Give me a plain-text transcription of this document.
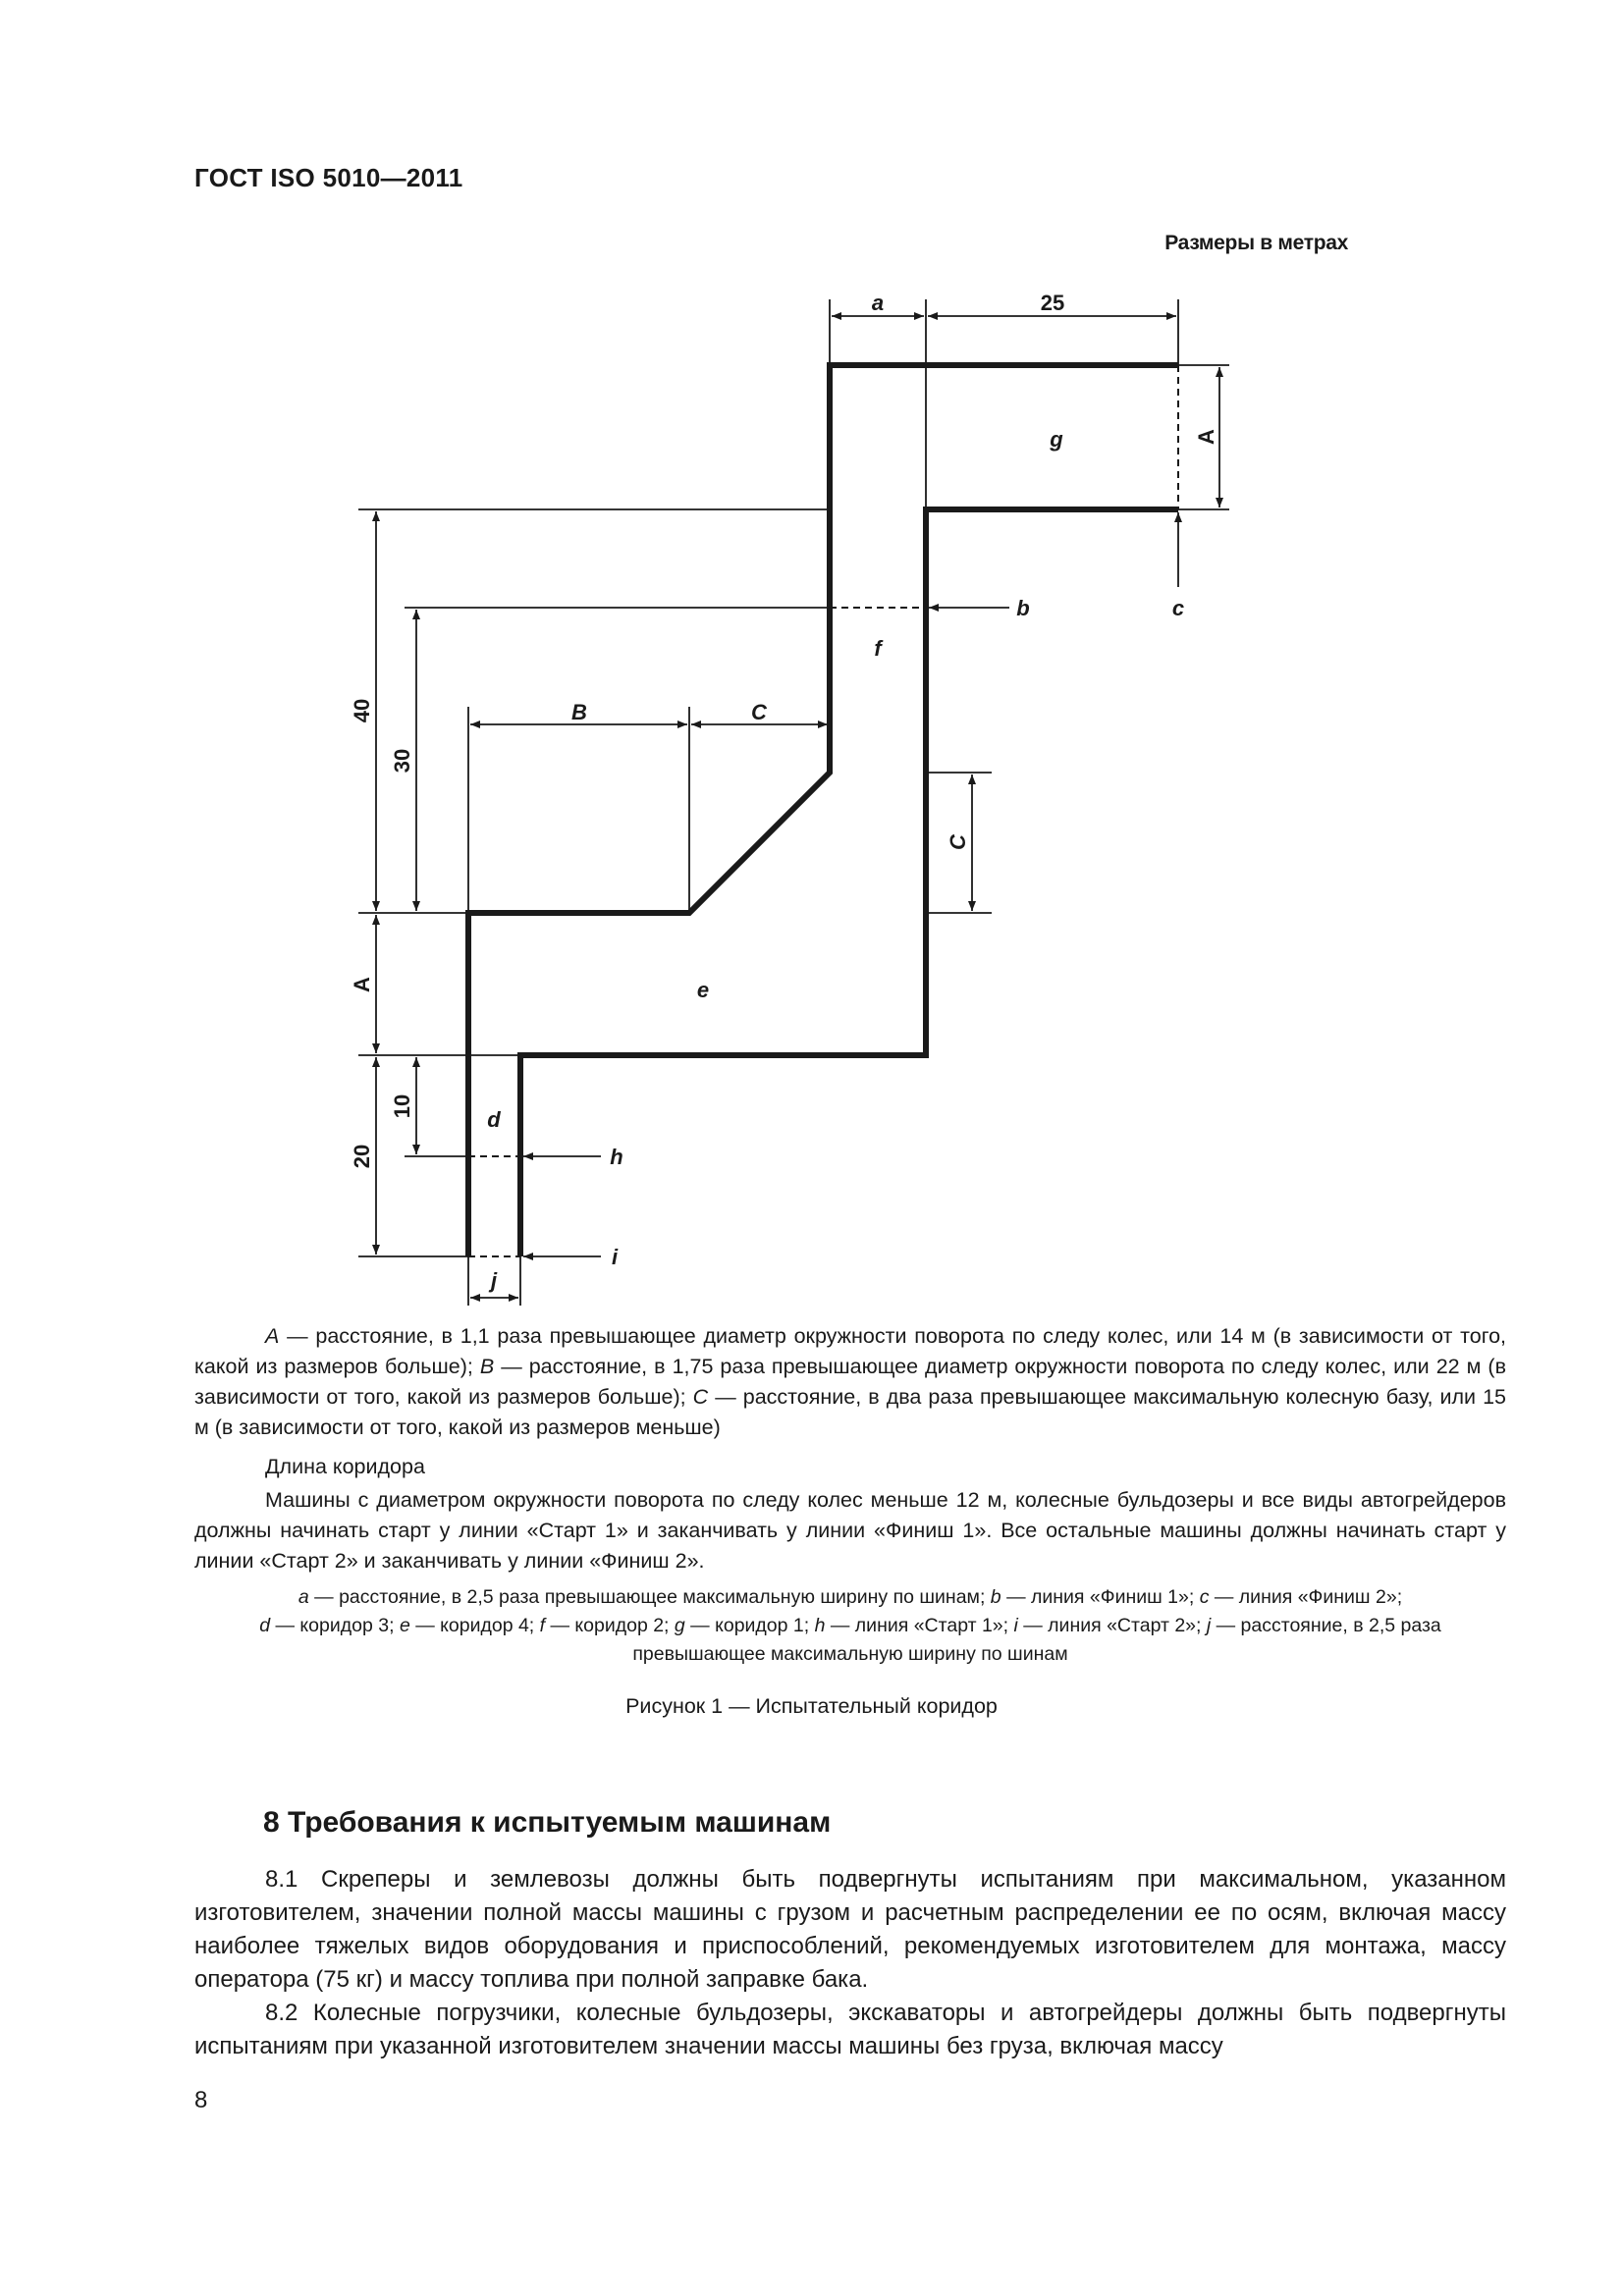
ГОСТ ISO 5010—2011
Размеры в метрах
a	25
A
40
30
B	C
C
A
20
10
j
g
f
e
d
b	c
h
i
A — расстояние, в 1,1 раза превышающее диаметр окружности поворота по следу колес, или 14 м (в зависимости от того, какой из размеров больше); B — расстояние, в 1,75 раза превышающее диаметр окружности поворота по следу колес, или 22 м (в зависимости от того, какой из размеров больше); C — расстояние, в два раза превышающее максимальную колесную базу, или 15 м (в зависимости от того, какой из размеров меньше)
Длина коридора
Машины с диаметром окружности поворота по следу колес меньше 12 м, колесные бульдозеры и все виды автогрейдеров должны начинать старт у линии «Старт 1» и заканчивать у линии «Финиш 1». Все остальные машины должны начинать старт у линии «Старт 2» и заканчивать у линии «Финиш 2».
a — расстояние, в 2,5 раза превышающее максимальную ширину по шинам; b — линия «Финиш 1»; c — линия «Финиш 2»;
d — коридор 3; e — коридор 4; f — коридор 2; g — коридор 1; h — линия «Старт 1»; i — линия «Старт 2»; j — расстояние, в 2,5 раза превышающее максимальную ширину по шинам
Рисунок 1 — Испытательный коридор
8 Требования к испытуемым машинам

8.1 Скреперы и землевозы должны быть подвергнуты испытаниям при максимальном, указанном изготовителем, значении полной массы машины с грузом и расчетным распределении ее по осям, включая массу наиболее тяжелых видов оборудования и приспособлений, рекомендуемых изготовителем для монтажа, массу оператора (75 кг) и массу топлива при полной заправке бака.

8.2 Колесные погрузчики, колесные бульдозеры, экскаваторы и автогрейдеры должны быть подвергнуты испытаниям при указанной изготовителем значении массы машины без груза, включая массу

8
